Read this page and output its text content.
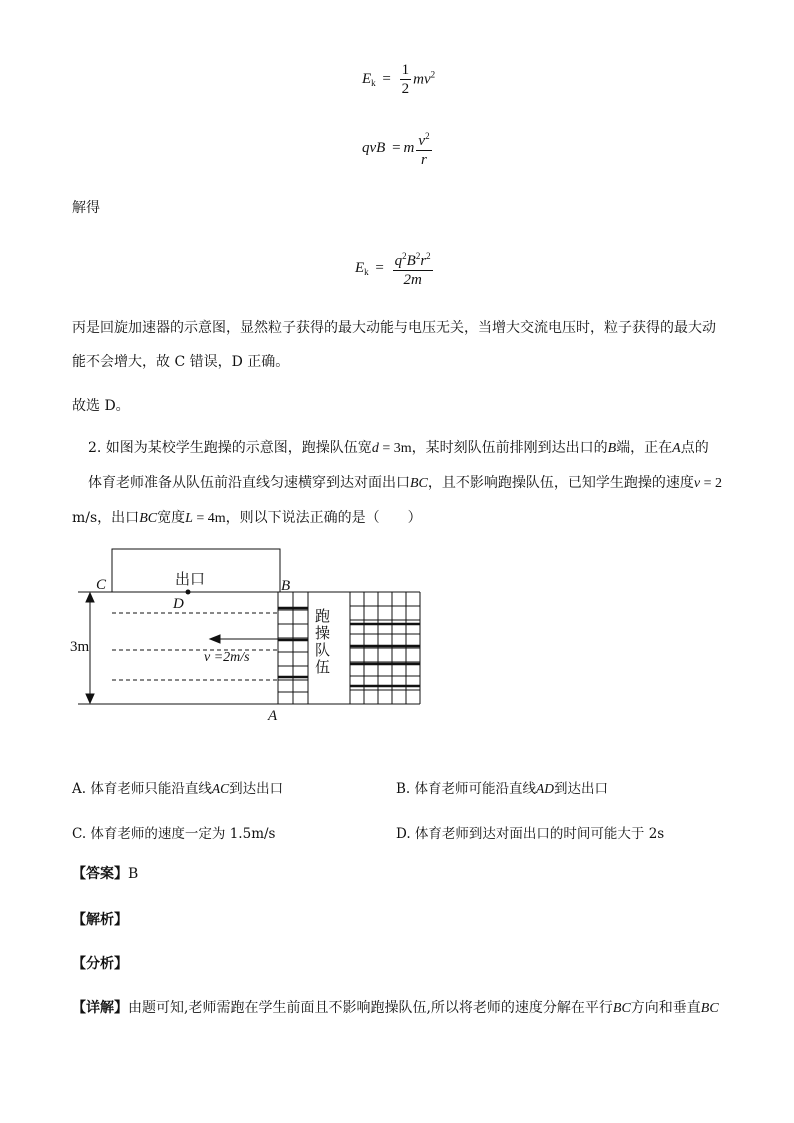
$E_k = \frac{1}{2} mv^2$
qvB = m $\frac{v^2}{r}$
解得
$E_k = \frac{q^2B^2r^2}{2m}$
丙是回旋加速器的示意图，显然粒子获得的最大动能与电压无关，当增大交流电压时，粒子获得的最大动
能不会增大，故 C 错误，D 正确。
故选 D。
2. 如图为某校学生跑操的示意图，跑操队伍宽d = 3m，某时刻队伍前排刚到达出口的B端，正在A点的
体育老师准备从队伍前沿直线匀速横穿到达对面出口BC，且不影响跑操队伍，已知学生跑操的速度v = 2
m/s，出口BC宽度L = 4m，则以下说法正确的是（　　）
C	B
D
A
出口
3m
v =2m/s	跑操队伍
A. 体育老师只能沿直线AC到达出口	B. 体育老师可能沿直线AD到达出口
C. 体育老师的速度一定为 1.5m/s	D. 体育老师到达对面出口的时间可能大于 2s
【答案】B
【解析】
【分析】
【详解】由题可知,老师需跑在学生前面且不影响跑操队伍,所以将老师的速度分解在平行BC方向和垂直BC
